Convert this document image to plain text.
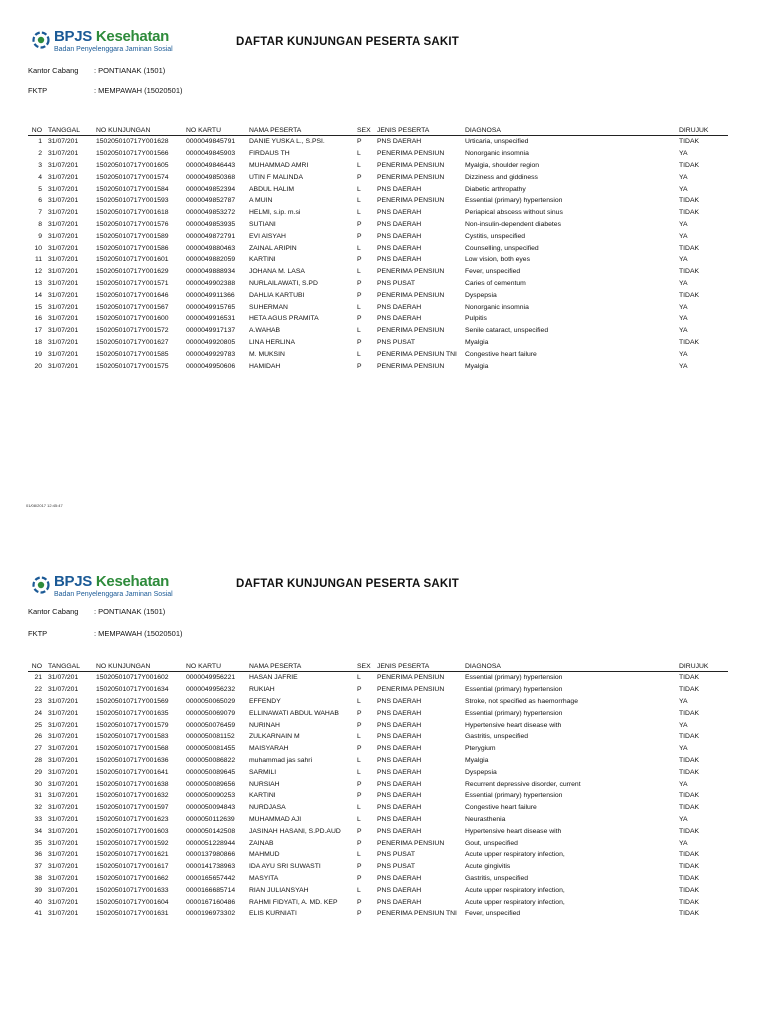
BPJS Kesehatan
Badan Penyelenggara Jaminan Sosial
DAFTAR KUNJUNGAN PESERTA SAKIT
Kantor Cabang : PONTIANAK (1501)
FKTP	: MEMPAWAH (15020501)
NO	TANGGAL	NO KUNJUNGAN	NO KARTU	NAMA PESERTA	SEX	JENIS PESERTA	DIAGNOSA	DIRUJUK
1	31/07/201	150205010717Y001628	0000049845791	DANIE YUSKA L., S.PSI.	P	PNS DAERAH	Urticaria, unspecified	TIDAK
2	31/07/201	150205010717Y001566	0000049845903	FIRDAUS TH	L	PENERIMA PENSIUN	Nonorganic insomnia	YA
3	31/07/201	150205010717Y001605	0000049846443	MUHAMMAD AMRI	L	PENERIMA PENSIUN	Myalgia, shoulder region	TIDAK
4	31/07/201	150205010717Y001574	0000049850368	UTIN F MALINDA	P	PENERIMA PENSIUN	Dizziness and giddiness	YA
5	31/07/201	150205010717Y001584	0000049852394	ABDUL HALIM	L	PNS DAERAH	Diabetic arthropathy	YA
6	31/07/201	150205010717Y001593	0000049852787	A MUIN	L	PENERIMA PENSIUN	Essential (primary) hypertension	TIDAK
7	31/07/201	150205010717Y001618	0000049853272	HELMI, s.ip. m.si	L	PNS DAERAH	Periapical abscess without sinus	TIDAK
8	31/07/201	150205010717Y001576	0000049853935	SUTIANI	P	PNS DAERAH	Non-insulin-dependent diabetes	YA
9	31/07/201	150205010717Y001589	0000049872791	EVI AISYAH	P	PNS DAERAH	Cystitis, unspecified	YA
10	31/07/201	150205010717Y001586	0000049880463	ZAINAL ARIPIN	L	PNS DAERAH	Counselling, unspecified	TIDAK
11	31/07/201	150205010717Y001601	0000049882059	KARTINI	P	PNS DAERAH	Low vision, both eyes	YA
12	31/07/201	150205010717Y001629	0000049888934	JOHANA M. LASA	L	PENERIMA PENSIUN	Fever, unspecified	TIDAK
13	31/07/201	150205010717Y001571	0000049902388	NURLAILAWATI, S.PD	P	PNS PUSAT	Caries of cementum	YA
14	31/07/201	150205010717Y001646	0000049911366	DAHLIA KARTUBI	P	PENERIMA PENSIUN	Dyspepsia	TIDAK
15	31/07/201	150205010717Y001567	0000049915765	SUHERMAN	L	PNS DAERAH	Nonorganic insomnia	YA
16	31/07/201	150205010717Y001600	0000049916531	HETA AGUS PRAMITA	P	PNS DAERAH	Pulpitis	YA
17	31/07/201	150205010717Y001572	0000049917137	A.WAHAB	L	PENERIMA PENSIUN	Senile cataract, unspecified	YA
18	31/07/201	150205010717Y001627	0000049920805	LINA HERLINA	P	PNS PUSAT	Myalgia	TIDAK
19	31/07/201	150205010717Y001585	0000049929783	M. MUKSIN	L	PENERIMA PENSIUN TNI	Congestive heart failure	YA
20	31/07/201	150205010717Y001575	0000049950606	HAMIDAH	P	PENERIMA PENSIUN	Myalgia	YA
01/08/2017 12:45:47
BPJS Kesehatan
Badan Penyelenggara Jaminan Sosial
DAFTAR KUNJUNGAN PESERTA SAKIT
Kantor Cabang : PONTIANAK (1501)
FKTP	: MEMPAWAH (15020501)
NO	TANGGAL	NO KUNJUNGAN	NO KARTU	NAMA PESERTA	SEX	JENIS PESERTA	DIAGNOSA	DIRUJUK
21	31/07/201	150205010717Y001602	0000049956221	HASAN JAFRIE	L	PENERIMA PENSIUN	Essential (primary) hypertension	TIDAK
22	31/07/201	150205010717Y001634	0000049956232	RUKIAH	P	PENERIMA PENSIUN	Essential (primary) hypertension	TIDAK
23	31/07/201	150205010717Y001569	0000050065029	EFFENDY	L	PNS DAERAH	Stroke, not specified as haemorrhage	YA
24	31/07/201	150205010717Y001635	0000050069079	ELLINAWATI ABDUL WAHAB	P	PNS DAERAH	Essential (primary) hypertension	TIDAK
25	31/07/201	150205010717Y001579	0000050076459	NURINAH	P	PNS DAERAH	Hypertensive heart disease with	YA
26	31/07/201	150205010717Y001583	0000050081152	ZULKARNAIN M	L	PNS DAERAH	Gastritis, unspecified	TIDAK
27	31/07/201	150205010717Y001568	0000050081455	MAISYARAH	P	PNS DAERAH	Pterygium	YA
28	31/07/201	150205010717Y001636	0000050086822	muhammad jas sahri	L	PNS DAERAH	Myalgia	TIDAK
29	31/07/201	150205010717Y001641	0000050089645	SARMILI	L	PNS DAERAH	Dyspepsia	TIDAK
30	31/07/201	150205010717Y001638	0000050089656	NURSIAH	P	PNS DAERAH	Recurrent depressive disorder, current	YA
31	31/07/201	150205010717Y001632	0000050090253	KARTINI	P	PNS DAERAH	Essential (primary) hypertension	TIDAK
32	31/07/201	150205010717Y001597	0000050094843	NURDJASA	L	PNS DAERAH	Congestive heart failure	TIDAK
33	31/07/201	150205010717Y001623	0000050112639	MUHAMMAD AJI	L	PNS DAERAH	Neurasthenia	YA
34	31/07/201	150205010717Y001603	0000050142508	JASINAH HASANI, S.PD.AUD	P	PNS DAERAH	Hypertensive heart disease with	TIDAK
35	31/07/201	150205010717Y001592	0000051228944	ZAINAB	P	PENERIMA PENSIUN	Gout, unspecified	YA
36	31/07/201	150205010717Y001621	0000137980866	MAHMUD	L	PNS PUSAT	Acute upper respiratory infection,	TIDAK
37	31/07/201	150205010717Y001617	0000141738963	IDA AYU SRI SUWASTI	P	PNS PUSAT	Acute gingivitis	TIDAK
38	31/07/201	150205010717Y001662	0000165657442	MASYITA	P	PNS DAERAH	Gastritis, unspecified	TIDAK
39	31/07/201	150205010717Y001633	0000166685714	RIAN JULIANSYAH	L	PNS DAERAH	Acute upper respiratory infection,	TIDAK
40	31/07/201	150205010717Y001604	0000167160486	RAHMI FIDYATI, A. MD. KEP	P	PNS DAERAH	Acute upper respiratory infection,	TIDAK
41	31/07/201	150205010717Y001631	0000196973302	ELIS KURNIATI	P	PENERIMA PENSIUN TNI	Fever, unspecified	TIDAK
